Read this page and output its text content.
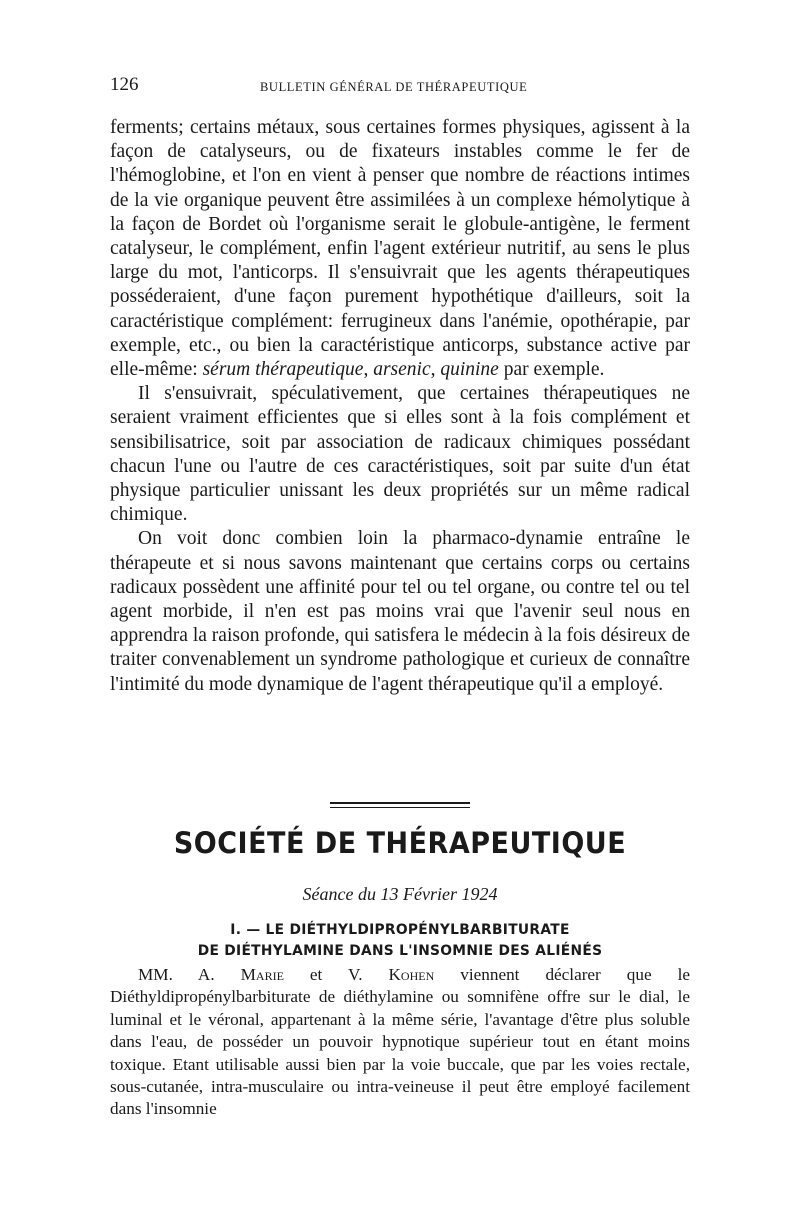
126	BULLETIN GÉNÉRAL DE THÉRAPEUTIQUE

ferments; certains métaux, sous certaines formes physiques, agissent à la façon de catalyseurs, ou de fixateurs instables comme le fer de l'hémoglobine, et l'on en vient à penser que nombre de réactions intimes de la vie organique peuvent être assimilées à un complexe hémolytique à la façon de Bordet où l'organisme serait le globule-antigène, le ferment catalyseur, le complément, enfin l'agent extérieur nutritif, au sens le plus large du mot, l'anticorps. Il s'ensuivrait que les agents thérapeutiques posséderaient, d'une façon purement hypothétique d'ailleurs, soit la caractéristique complément: ferrugineux dans l'anémie, opothérapie, par exemple, etc., ou bien la caractéristique anticorps, substance active par elle-même: sérum thérapeutique, arsenic, quinine par exemple.

Il s'ensuivrait, spéculativement, que certaines thérapeutiques ne seraient vraiment efficientes que si elles sont à la fois complément et sensibilisatrice, soit par association de radicaux chimiques possédant chacun l'une ou l'autre de ces caractéristiques, soit par suite d'un état physique particulier unissant les deux propriétés sur un même radical chimique.

On voit donc combien loin la pharmaco-dynamie entraîne le thérapeute et si nous savons maintenant que certains corps ou certains radicaux possèdent une affinité pour tel ou tel organe, ou contre tel ou tel agent morbide, il n'en est pas moins vrai que l'avenir seul nous en apprendra la raison profonde, qui satisfera le médecin à la fois désireux de traiter convenablement un syndrome pathologique et curieux de connaître l'intimité du mode dynamique de l'agent thérapeutique qu'il a employé.

SOCIÉTÉ DE THÉRAPEUTIQUE
Séance du 13 Février 1924
I. — LE DIÉTHYLDIPROPÉNYLBARBITURATE
DE DIÉTHYLAMINE DANS L'INSOMNIE DES ALIÉNÉS

MM. A. Marie et V. Kohen viennent déclarer que le Diéthyldipropénylbarbiturate de diéthylamine ou somnifène offre sur le dial, le luminal et le véronal, appartenant à la même série, l'avantage d'être plus soluble dans l'eau, de posséder un pouvoir hypnotique supérieur tout en étant moins toxique. Etant utilisable aussi bien par la voie buccale, que par les voies rectale, sous-cutanée, intra-musculaire ou intra-veineuse il peut être employé facilement dans l'insomnie
